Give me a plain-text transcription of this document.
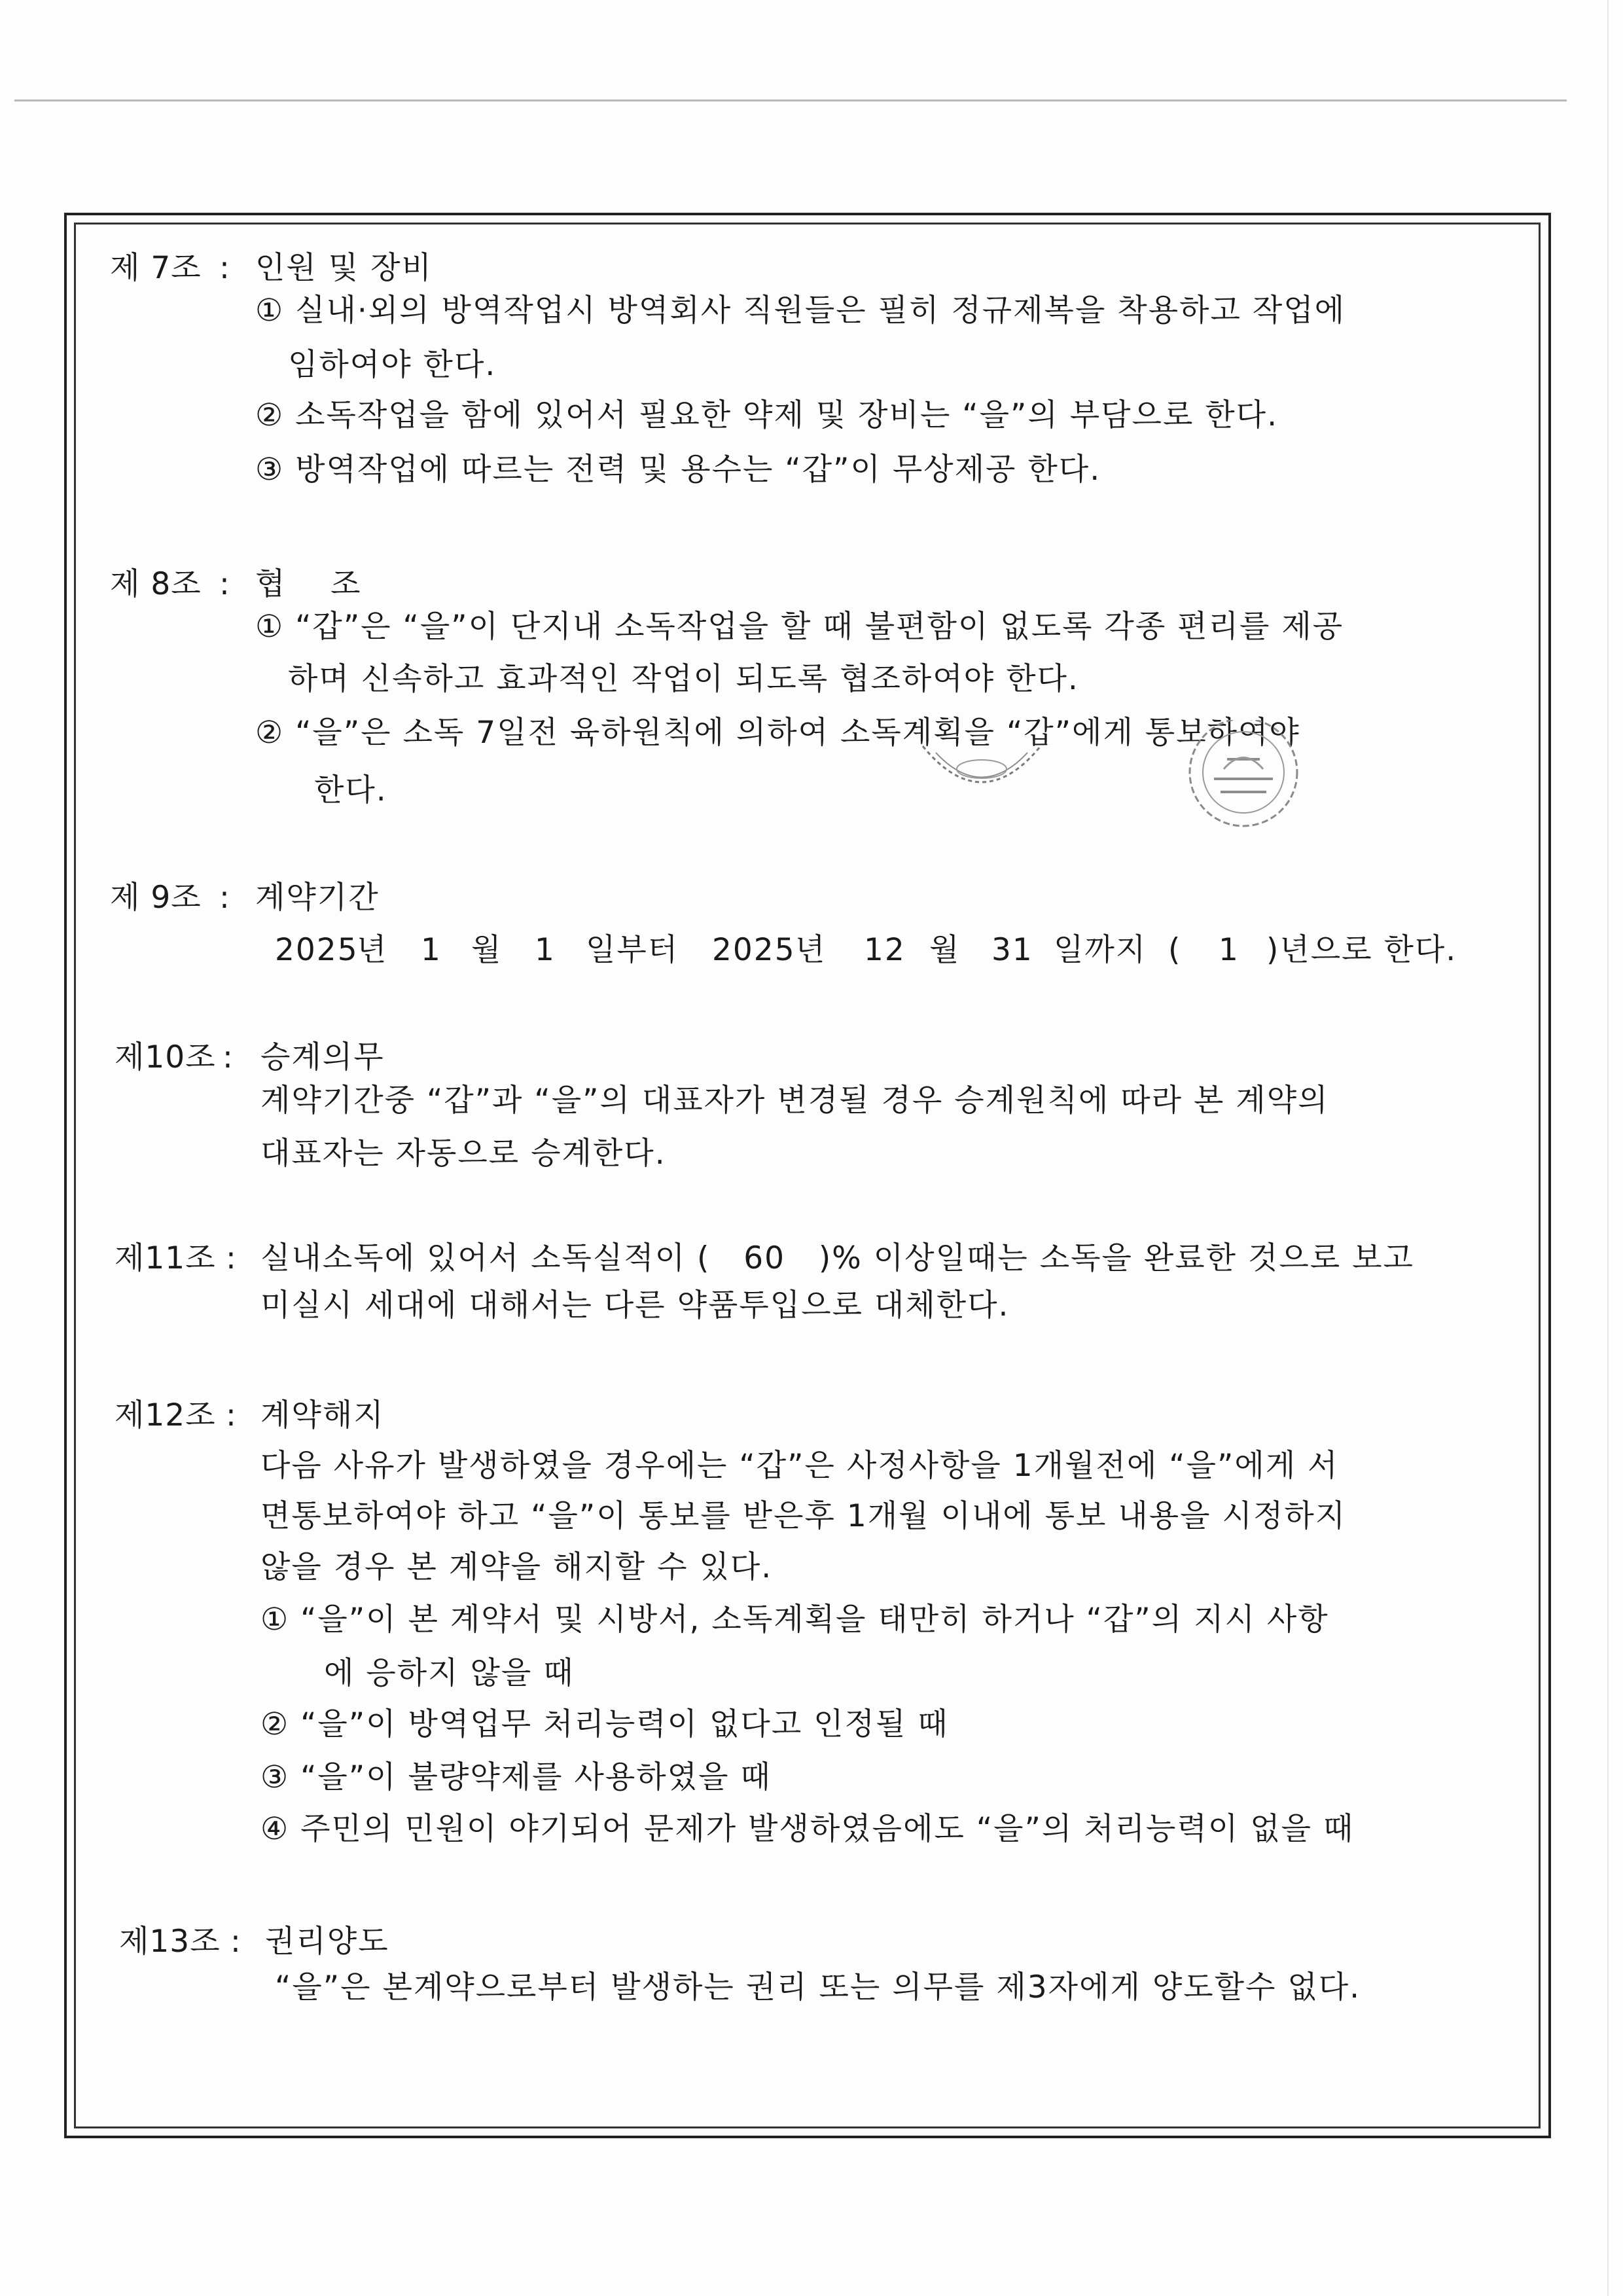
제 7조 : 인원 및 장비
① 실내·외의 방역작업시 방역회사 직원들은 필히 정규제복을 착용하고 작업에
임하여야 한다.
② 소독작업을 함에 있어서 필요한 약제 및 장비는 “을”의 부담으로 한다.
③ 방역작업에 따르는 전력 및 용수는 “갑”이 무상제공 한다.
제 8조 : 협    조
① “갑”은 “을”이 단지내 소독작업을 할 때 불편함이 없도록 각종 편리를 제공
하며 신속하고 효과적인 작업이 되도록 협조하여야 한다.
② “을”은 소독 7일전 육하원칙에 의하여 소독계획을 “갑”에게 통보하여야
한다.
제 9조 : 계약기간
2025
년 1 월 1 일부터 2025 년 12 월 31 일까지 ( 1 )년으로 한다.
제10조 : 승계의무
계약기간중 “갑”과 “을”의 대표자가 변경될 경우 승계원칙에 따라 본 계약의
대표자는 자동으로 승계한다.
제11조 : 실내소독에 있어서 소독실적이 (   60   )% 이상일때는 소독을 완료한 것으로 보고
미실시 세대에 대해서는 다른 약품투입으로 대체한다.
제12조 : 계약해지
다음 사유가 발생하였을 경우에는 “갑”은 사정사항을 1개월전에 “을”에게 서
면통보하여야 하고 “을”이 통보를 받은후 1개월 이내에 통보 내용을 시정하지
않을 경우 본 계약을 해지할 수 있다.
① “을”이 본 계약서 및 시방서, 소독계획을 태만히 하거나 “갑”의 지시 사항
에 응하지 않을 때
② “을”이 방역업무 처리능력이 없다고 인정될 때
③ “을”이 불량약제를 사용하였을 때
④ 주민의 민원이 야기되어 문제가 발생하였음에도 “을”의 처리능력이 없을 때
제13조 : 권리양도
“을”은 본계약으로부터 발생하는 권리 또는 의무를 제3자에게 양도할수 없다.
